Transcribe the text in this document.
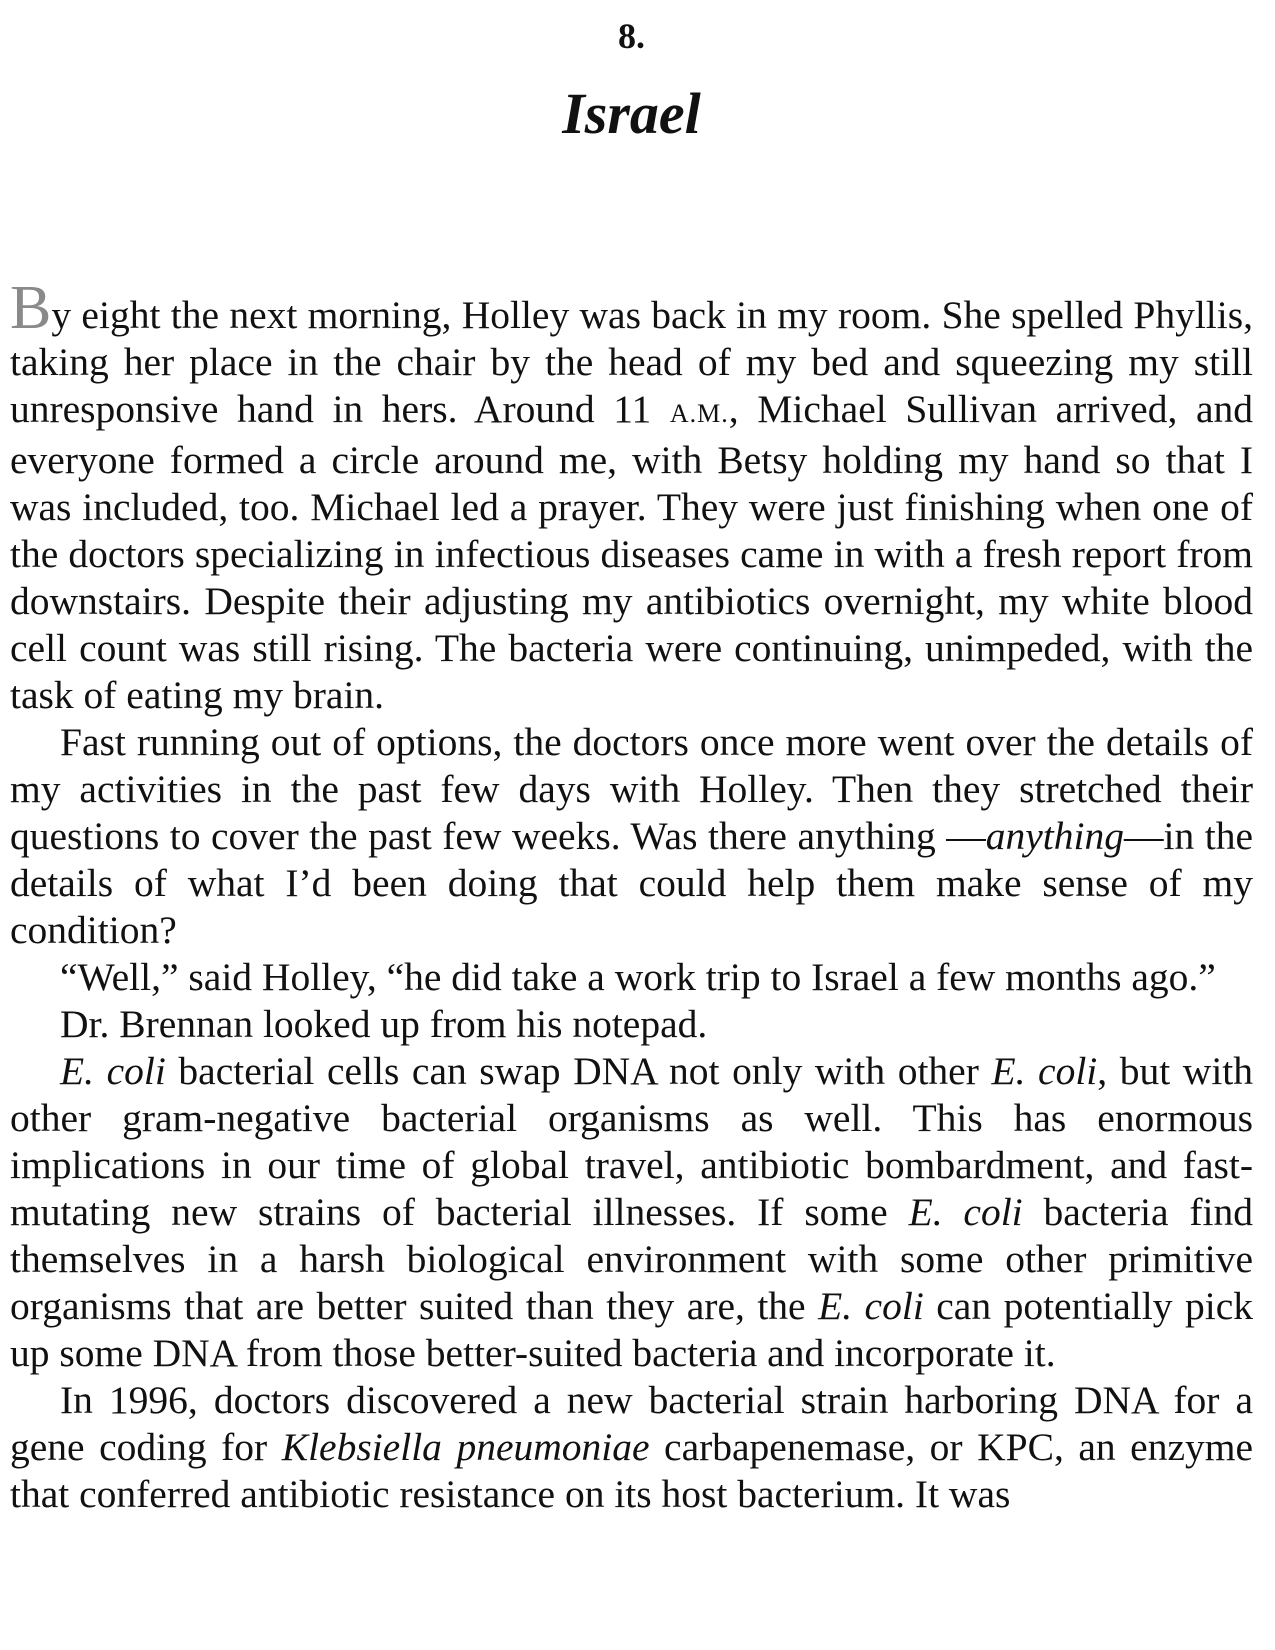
8.
Israel

By eight the next morning, Holley was back in my room. She spelled Phyllis, taking her place in the chair by the head of my bed and squeezing my still unresponsive hand in hers. Around 11 A.M., Michael Sullivan arrived, and everyone formed a circle around me, with Betsy holding my hand so that I was included, too. Michael led a prayer. They were just finishing when one of the doctors specializing in infectious diseases came in with a fresh report from downstairs. Despite their adjusting my antibiotics overnight, my white blood cell count was still rising. The bacteria were continuing, unimpeded, with the task of eating my brain.

Fast running out of options, the doctors once more went over the details of my activities in the past few days with Holley. Then they stretched their questions to cover the past few weeks. Was there anything —anything—in the details of what I’d been doing that could help them make sense of my condition?

“Well,” said Holley, “he did take a work trip to Israel a few months ago.”

Dr. Brennan looked up from his notepad.

E. coli bacterial cells can swap DNA not only with other E. coli, but with other gram-negative bacterial organisms as well. This has enormous implications in our time of global travel, antibiotic bombardment, and fast-mutating new strains of bacterial illnesses. If some E. coli bacteria find themselves in a harsh biological environment with some other primitive organisms that are better suited than they are, the E. coli can potentially pick up some DNA from those better-suited bacteria and incorporate it.

In 1996, doctors discovered a new bacterial strain harboring DNA for a gene coding for Klebsiella pneumoniae carbapenemase, or KPC, an enzyme that conferred antibiotic resistance on its host bacterium. It was
